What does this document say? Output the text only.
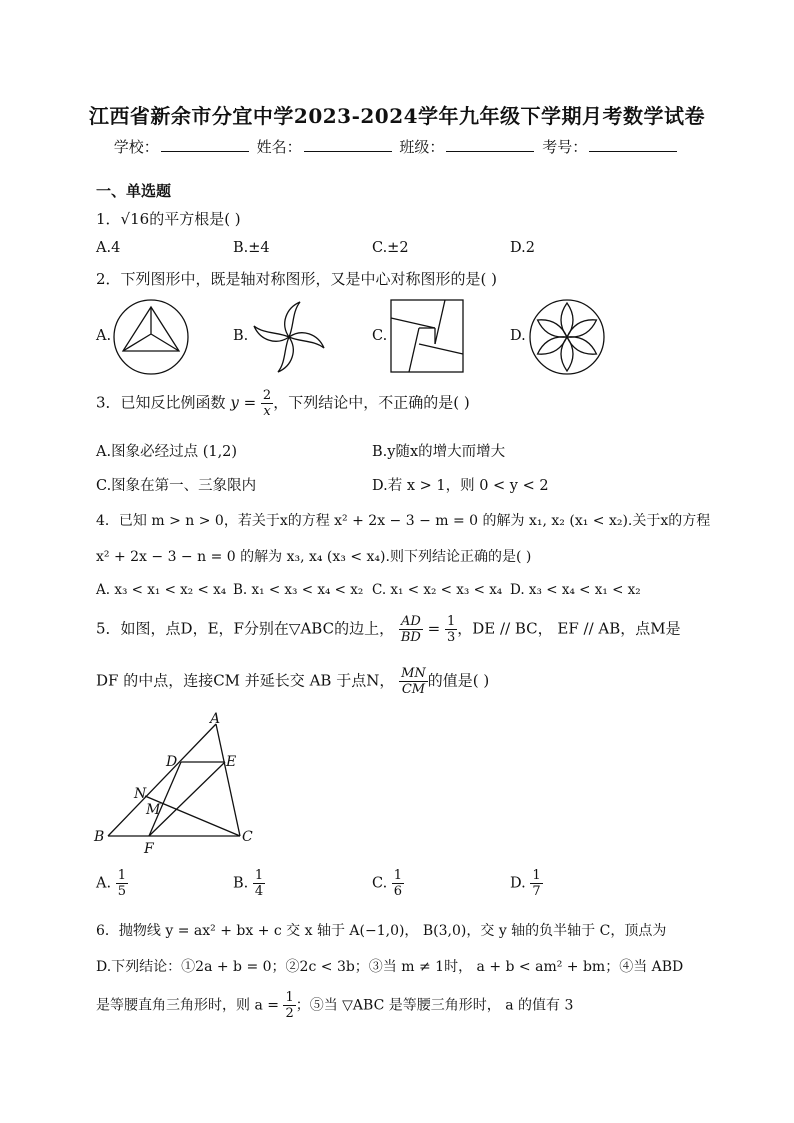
江西省新余市分宜中学2023-2024学年九年级下学期月考数学试卷
学校：	姓名：	班级：	考号：
一、单选题
1．√16的平方根是( )
A.4	B.±4	C.±2	D.2
2．下列图形中，既是轴对称图形，又是中心对称图形的是( )
A.	B.	C.	D.
3．已知反比例函数 $y = \frac{2}{x}$ ，下列结论中，不正确的是( )
A.图象必经过点 (1,2)	B.y随x的增大而增大
C.图象在第一、三象限内	D.若 x > 1，则 0 < y < 2
4．已知 m > n > 0，若关于x的方程 x² + 2x − 3 − m = 0 的解为 x₁, x₂ (x₁ < x₂).关于x的方程
x² + 2x − 3 − n = 0 的解为 x₃, x₄ (x₃ < x₄).则下列结论正确的是( )
A. x₃ < x₁ < x₂ < x₄ B. x₁ < x₃ < x₄ < x₂ C. x₁ < x₂ < x₃ < x₄ D. x₃ < x₄ < x₁ < x₂
5．如图，点D，E，F分别在▽ABC的边上， $\frac{AD}{BD} = \frac{1}{3}$ ，DE // BC， EF // AB，点M是
DF 的中点，连接CM 并延长交 AB 于点N， $\frac{MN}{CM}$ 的值是( )
A
D	E
N
M
B
F
C
A. $\frac{1}{5}$	B. $\frac{1}{4}$	C. $\frac{1}{6}$	D. $\frac{1}{7}$
6．抛物线 y = ax² + bx + c 交 x 轴于 A(−1,0)， B(3,0)，交 y 轴的负半轴于 C，顶点为
D.下列结论：①2a + b = 0；②2c < 3b；③当 m ≠ 1时， a + b < am² + bm；④当 ABD
是等腰直角三角形时，则 $a = \frac{1}{2}$ ；⑤当 ▽ABC 是等腰三角形时， a 的值有 3
